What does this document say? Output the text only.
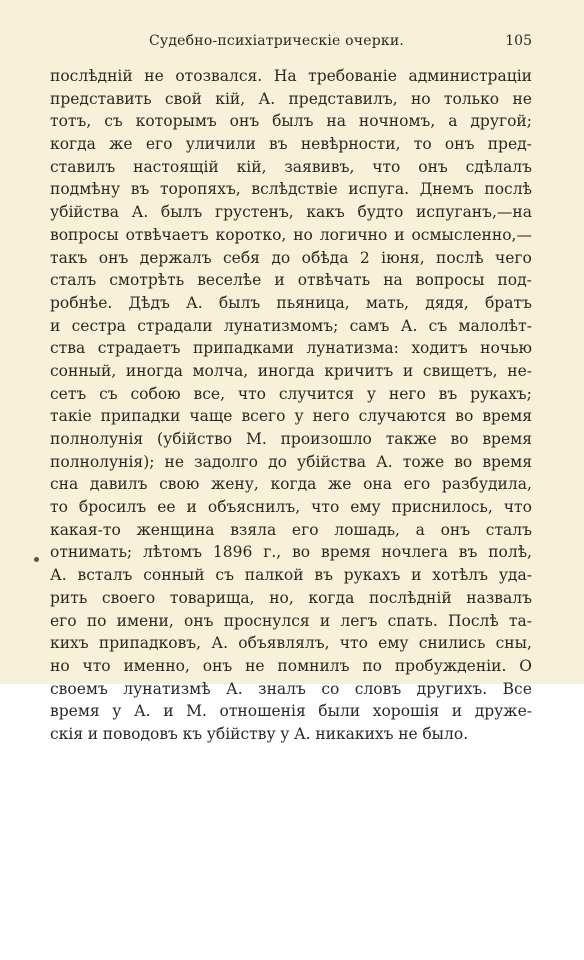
Судебно-психіатрическіе очерки.	105
послѣдній не отозвался. На требованіе администраціи
представить свой кій, А. представилъ, но только не
тотъ, съ которымъ онъ былъ на ночномъ, а другой;
когда же его уличили въ невѣрности, то онъ пред-
ставилъ настоящій кій, заявивъ, что онъ сдѣлалъ
подмѣну въ торопяхъ, вслѣдствіе испуга. Днемъ послѣ
убійства А. былъ грустенъ, какъ будто испуганъ,—на
вопросы отвѣчаетъ коротко, но логично и осмысленно,—
такъ онъ держалъ себя до обѣда 2 іюня, послѣ чего
сталъ смотрѣть веселѣе и отвѣчать на вопросы под-
робнѣе. Дѣдъ А. былъ пьяница, мать, дядя, братъ
и сестра страдали лунатизмомъ; самъ А. съ малолѣт-
ства страдаетъ припадками лунатизма: ходитъ ночью
сонный, иногда молча, иногда кричитъ и свищетъ, не-
сетъ съ собою все, что случится у него въ рукахъ;
такіе припадки чаще всего у него случаются во время
полнолунія (убійство М. произошло также во время
полнолунія); не задолго до убійства А. тоже во время
сна давилъ свою жену, когда же она его разбудила,
то бросилъ ее и объяснилъ, что ему приснилось, что
какая-то женщина взяла его лошадь, а онъ сталъ
отнимать; лѣтомъ 1896 г., во время ночлега въ полѣ,
А. всталъ сонный съ палкой въ рукахъ и хотѣлъ уда-
рить своего товарища, но, когда послѣдній назвалъ
его по имени, онъ проснулся и легъ спать. Послѣ та-
кихъ припадковъ, А. объявлялъ, что ему снились сны,
но что именно, онъ не помнилъ по пробужденіи. О
своемъ лунатизмѣ А. зналъ со словъ другихъ. Все
время у А. и М. отношенія были хорошія и друже-
скія и поводовъ къ убійству у А. никакихъ не было.
